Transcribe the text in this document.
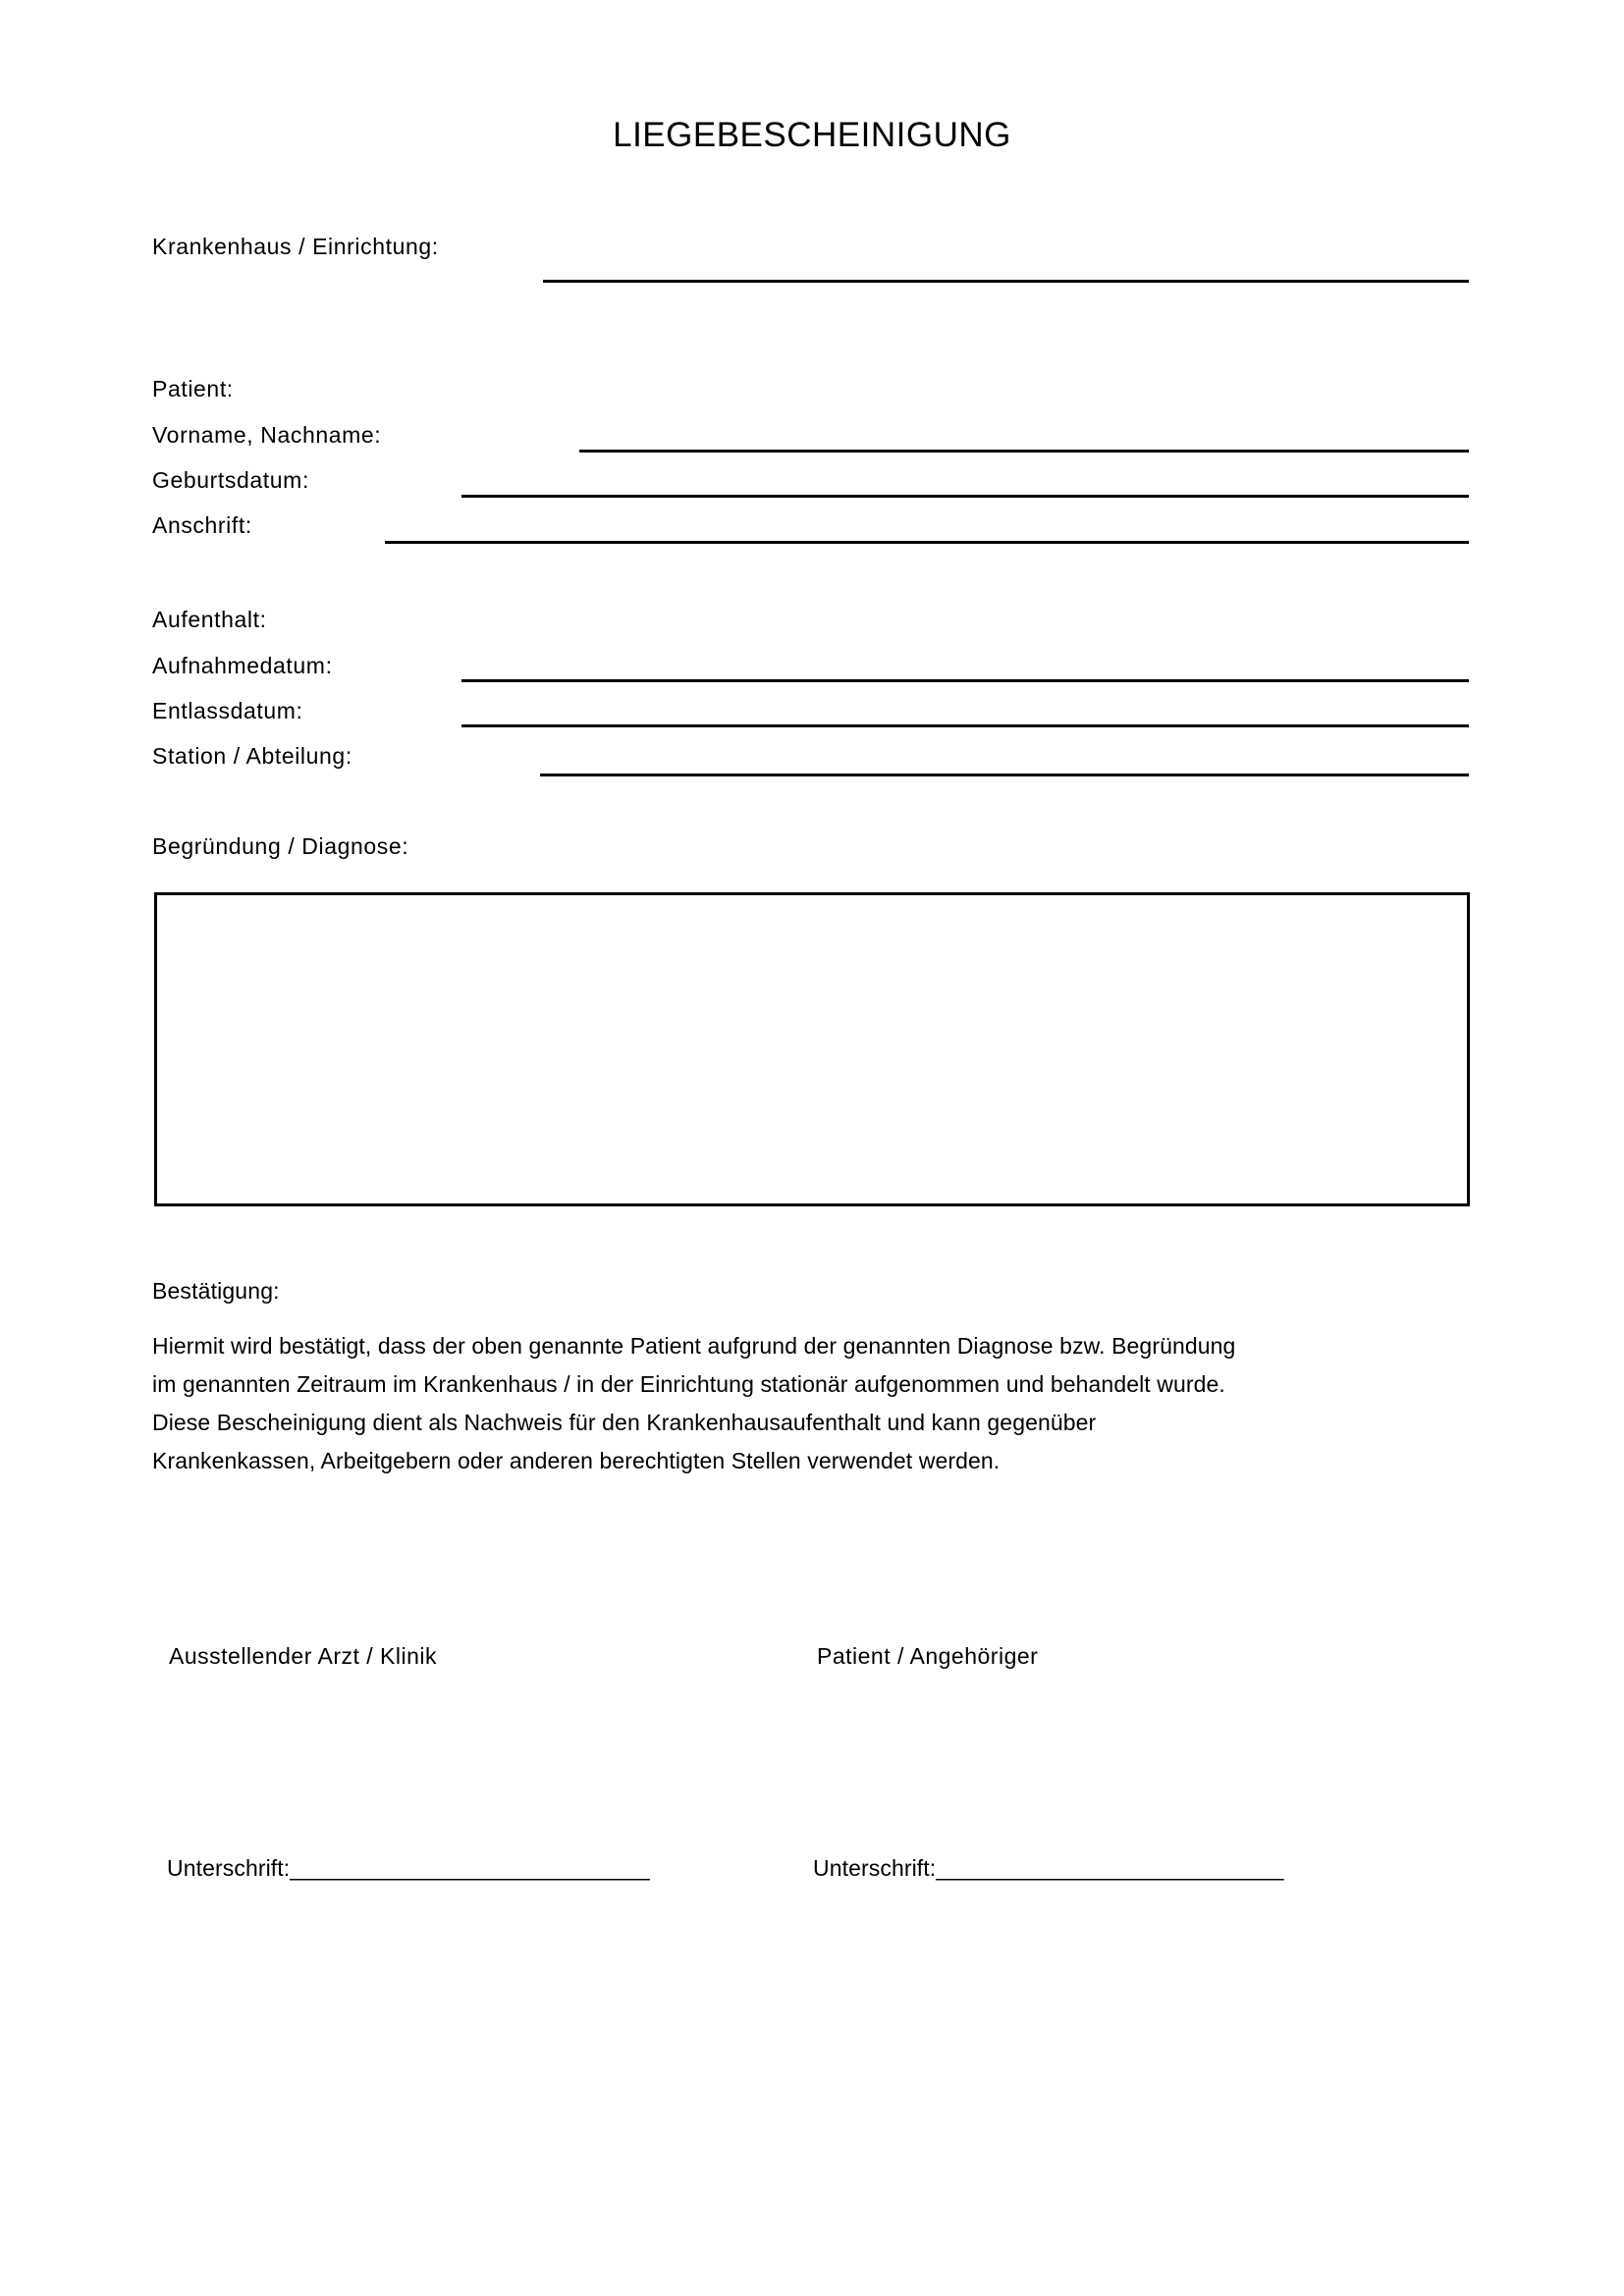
LIEGEBESCHEINIGUNG
Krankenhaus / Einrichtung:
Patient:
Vorname, Nachname:
Geburtsdatum:
Anschrift:
Aufenthalt:
Aufnahmedatum:
Entlassdatum:
Station / Abteilung:
Begründung / Diagnose:
Bestätigung:
Hiermit wird bestätigt, dass der oben genannte Patient aufgrund der genannten Diagnose bzw. Begründung
im genannten Zeitraum im Krankenhaus / in der Einrichtung stationär aufgenommen und behandelt wurde.
Diese Bescheinigung dient als Nachweis für den Krankenhausaufenthalt und kann gegenüber
Krankenkassen, Arbeitgebern oder anderen berechtigten Stellen verwendet werden.
Ausstellender Arzt / Klinik	Patient / Angehöriger
Unterschrift:______________________________	Unterschrift:_____________________________
